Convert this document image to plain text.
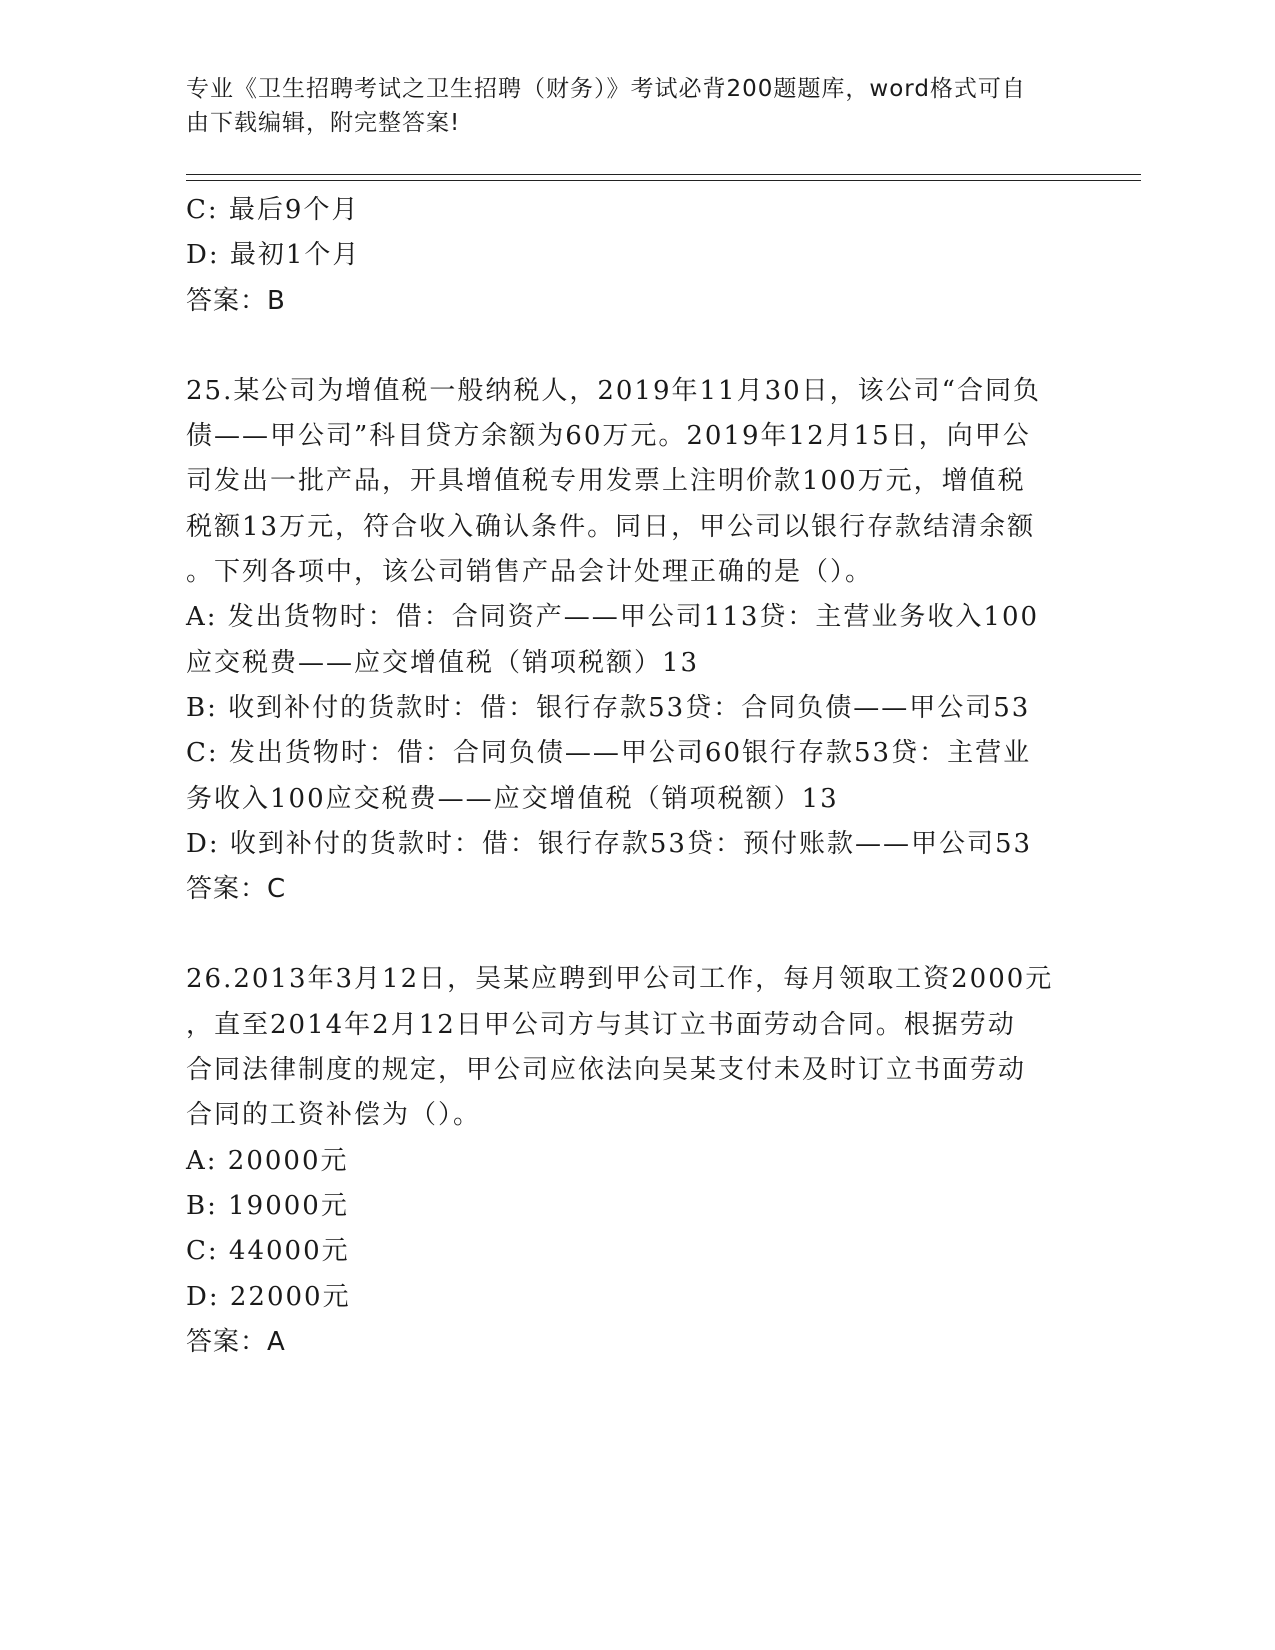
专业《卫生招聘考试之卫生招聘（财务）》考试必背200题题库，word格式可自
由下载编辑，附完整答案!
C: 最后9个月
D: 最初1个月
答案：B
25.某公司为增值税一般纳税人，2019年11月30日，该公司“合同负
债——甲公司”科目贷方余额为60万元。2019年12月15日，向甲公
司发出一批产品，开具增值税专用发票上注明价款100万元，增值税
税额13万元，符合收入确认条件。同日，甲公司以银行存款结清余额
。下列各项中，该公司销售产品会计处理正确的是（）。
A: 发出货物时：借：合同资产——甲公司113贷：主营业务收入100
应交税费——应交增值税（销项税额）13
B: 收到补付的货款时：借：银行存款53贷：合同负债——甲公司53
C: 发出货物时：借：合同负债——甲公司60银行存款53贷：主营业
务收入100应交税费——应交增值税（销项税额）13
D: 收到补付的货款时：借：银行存款53贷：预付账款——甲公司53
答案：C
26.2013年3月12日，吴某应聘到甲公司工作，每月领取工资2000元
，直至2014年2月12日甲公司方与其订立书面劳动合同。根据劳动
合同法律制度的规定，甲公司应依法向吴某支付未及时订立书面劳动
合同的工资补偿为（）。
A: 20000元
B: 19000元
C: 44000元
D: 22000元
答案：A
